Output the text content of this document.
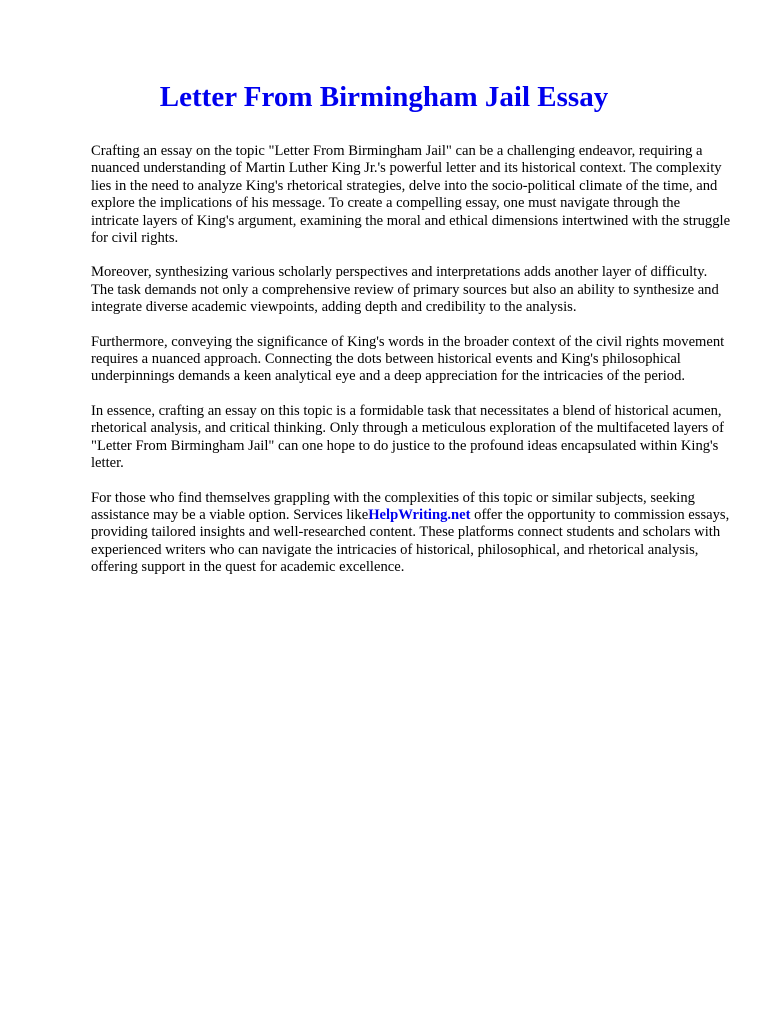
Letter From Birmingham Jail Essay

Crafting an essay on the topic "Letter From Birmingham Jail" can be a challenging endeavor, requiring a nuanced understanding of Martin Luther King Jr.'s powerful letter and its historical context. The complexity lies in the need to analyze King's rhetorical strategies, delve into the socio-political climate of the time, and explore the implications of his message. To create a compelling essay, one must navigate through the intricate layers of King's argument, examining the moral and ethical dimensions intertwined with the struggle for civil rights.

Moreover, synthesizing various scholarly perspectives and interpretations adds another layer of difficulty. The task demands not only a comprehensive review of primary sources but also an ability to synthesize and integrate diverse academic viewpoints, adding depth and credibility to the analysis.

Furthermore, conveying the significance of King's words in the broader context of the civil rights movement requires a nuanced approach. Connecting the dots between historical events and King's philosophical underpinnings demands a keen analytical eye and a deep appreciation for the intricacies of the period.

In essence, crafting an essay on this topic is a formidable task that necessitates a blend of historical acumen, rhetorical analysis, and critical thinking. Only through a meticulous exploration of the multifaceted layers of "Letter From Birmingham Jail" can one hope to do justice to the profound ideas encapsulated within King's letter.

For those who find themselves grappling with the complexities of this topic or similar subjects, seeking assistance may be a viable option. Services likeHelpWriting.net offer the opportunity to commission essays, providing tailored insights and well-researched content. These platforms connect students and scholars with experienced writers who can navigate the intricacies of historical, philosophical, and rhetorical analysis, offering support in the quest for academic excellence.
